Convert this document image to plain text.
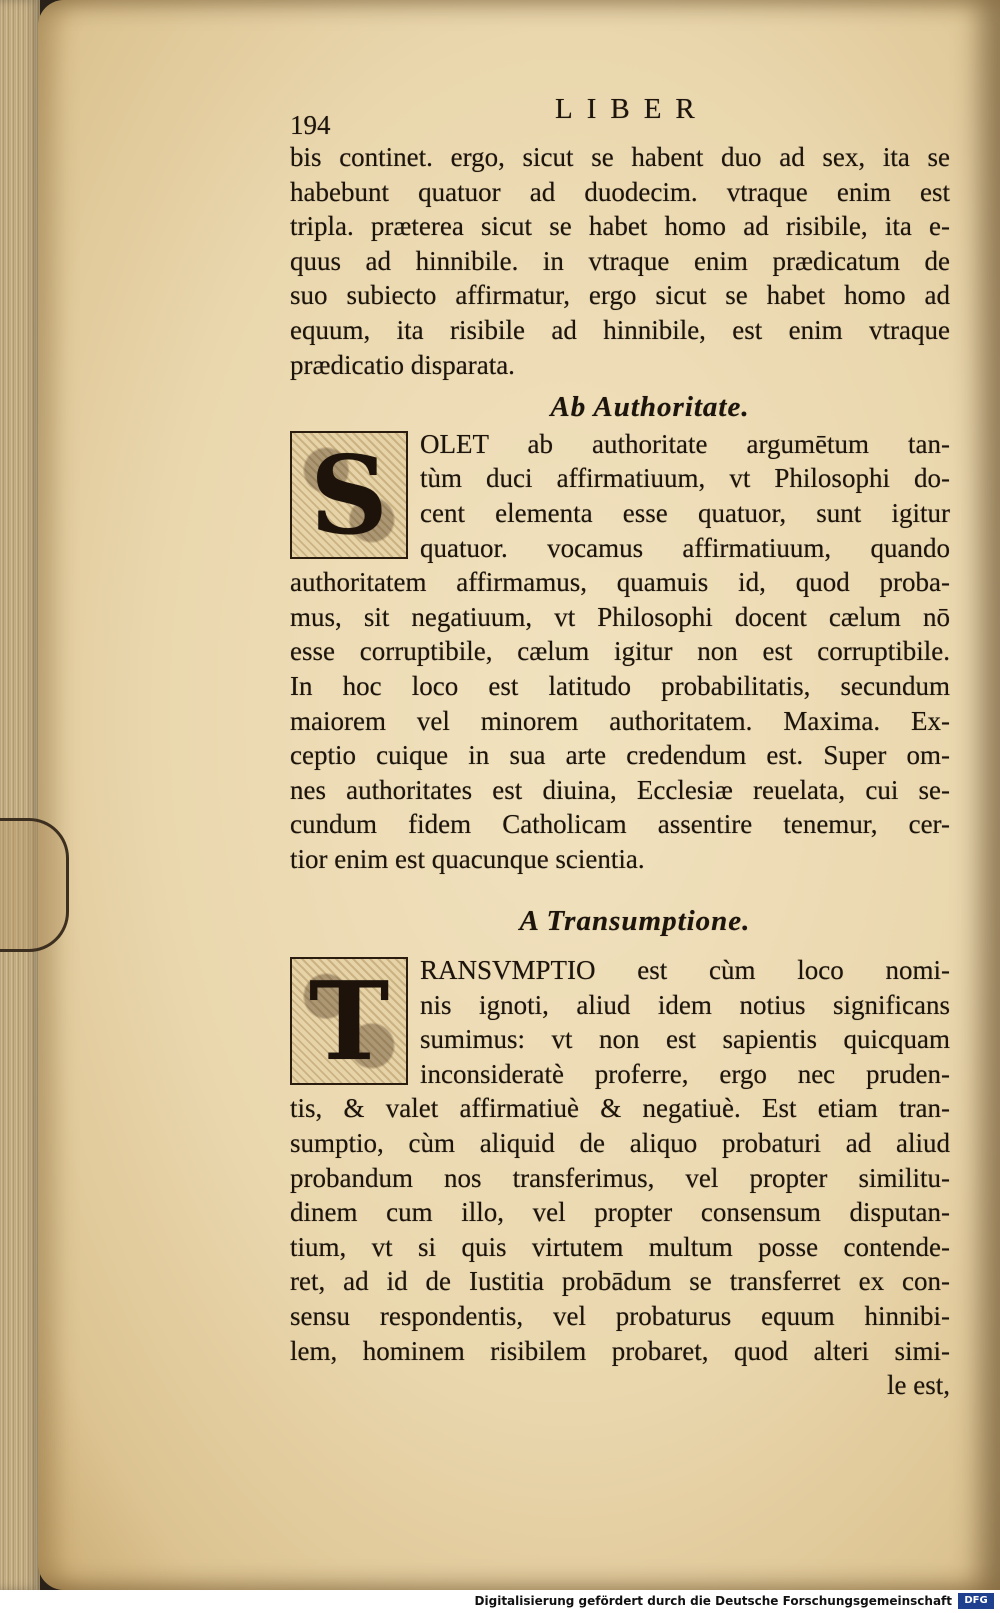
194	LIBER
bis continet. ergo, sicut se habent duo ad sex, ita se
habebunt quatuor ad duodecim. vtraque enim est
tripla. præterea sicut se habet homo ad risibile, ita e-
quus ad hinnibile. in vtraque enim prædicatum de
suo subiecto affirmatur, ergo sicut se habet homo ad
equum, ita risibile ad hinnibile, est enim vtraque
prædicatio disparata.
Ab Authoritate.
S	OLET ab authoritate argumētum tan-
tùm duci affirmatiuum, vt Philosophi do-
cent elementa esse quatuor, sunt igitur
quatuor. vocamus affirmatiuum, quando
authoritatem affirmamus, quamuis id, quod proba-
mus, sit negatiuum, vt Philosophi docent cælum nō
esse corruptibile, cælum igitur non est corruptibile.
In hoc loco est latitudo probabilitatis, secundum
maiorem vel minorem authoritatem. Maxima. Ex-
ceptio cuique in sua arte credendum est. Super om-
nes authoritates est diuina, Ecclesiæ reuelata, cui se-
cundum fidem Catholicam assentire tenemur, cer-
tior enim est quacunque scientia.
A Transumptione.
T	RANSVMPTIO est cùm loco nomi-
nis ignoti, aliud idem notius significans
sumimus: vt non est sapientis quicquam
inconsideratè proferre, ergo nec pruden-
tis, & valet affirmatiuè & negatiuè. Est etiam tran-
sumptio, cùm aliquid de aliquo probaturi ad aliud
probandum nos transferimus, vel propter similitu-
dinem cum illo, vel propter consensum disputan-
tium, vt si quis virtutem multum posse contende-
ret, ad id de Iustitia probādum se transferret ex con-
sensu respondentis, vel probaturus equum hinnibi-
lem, hominem risibilem probaret, quod alteri simi-
le est,
Digitalisierung gefördert durch die Deutsche Forschungsgemeinschaft	DFG
